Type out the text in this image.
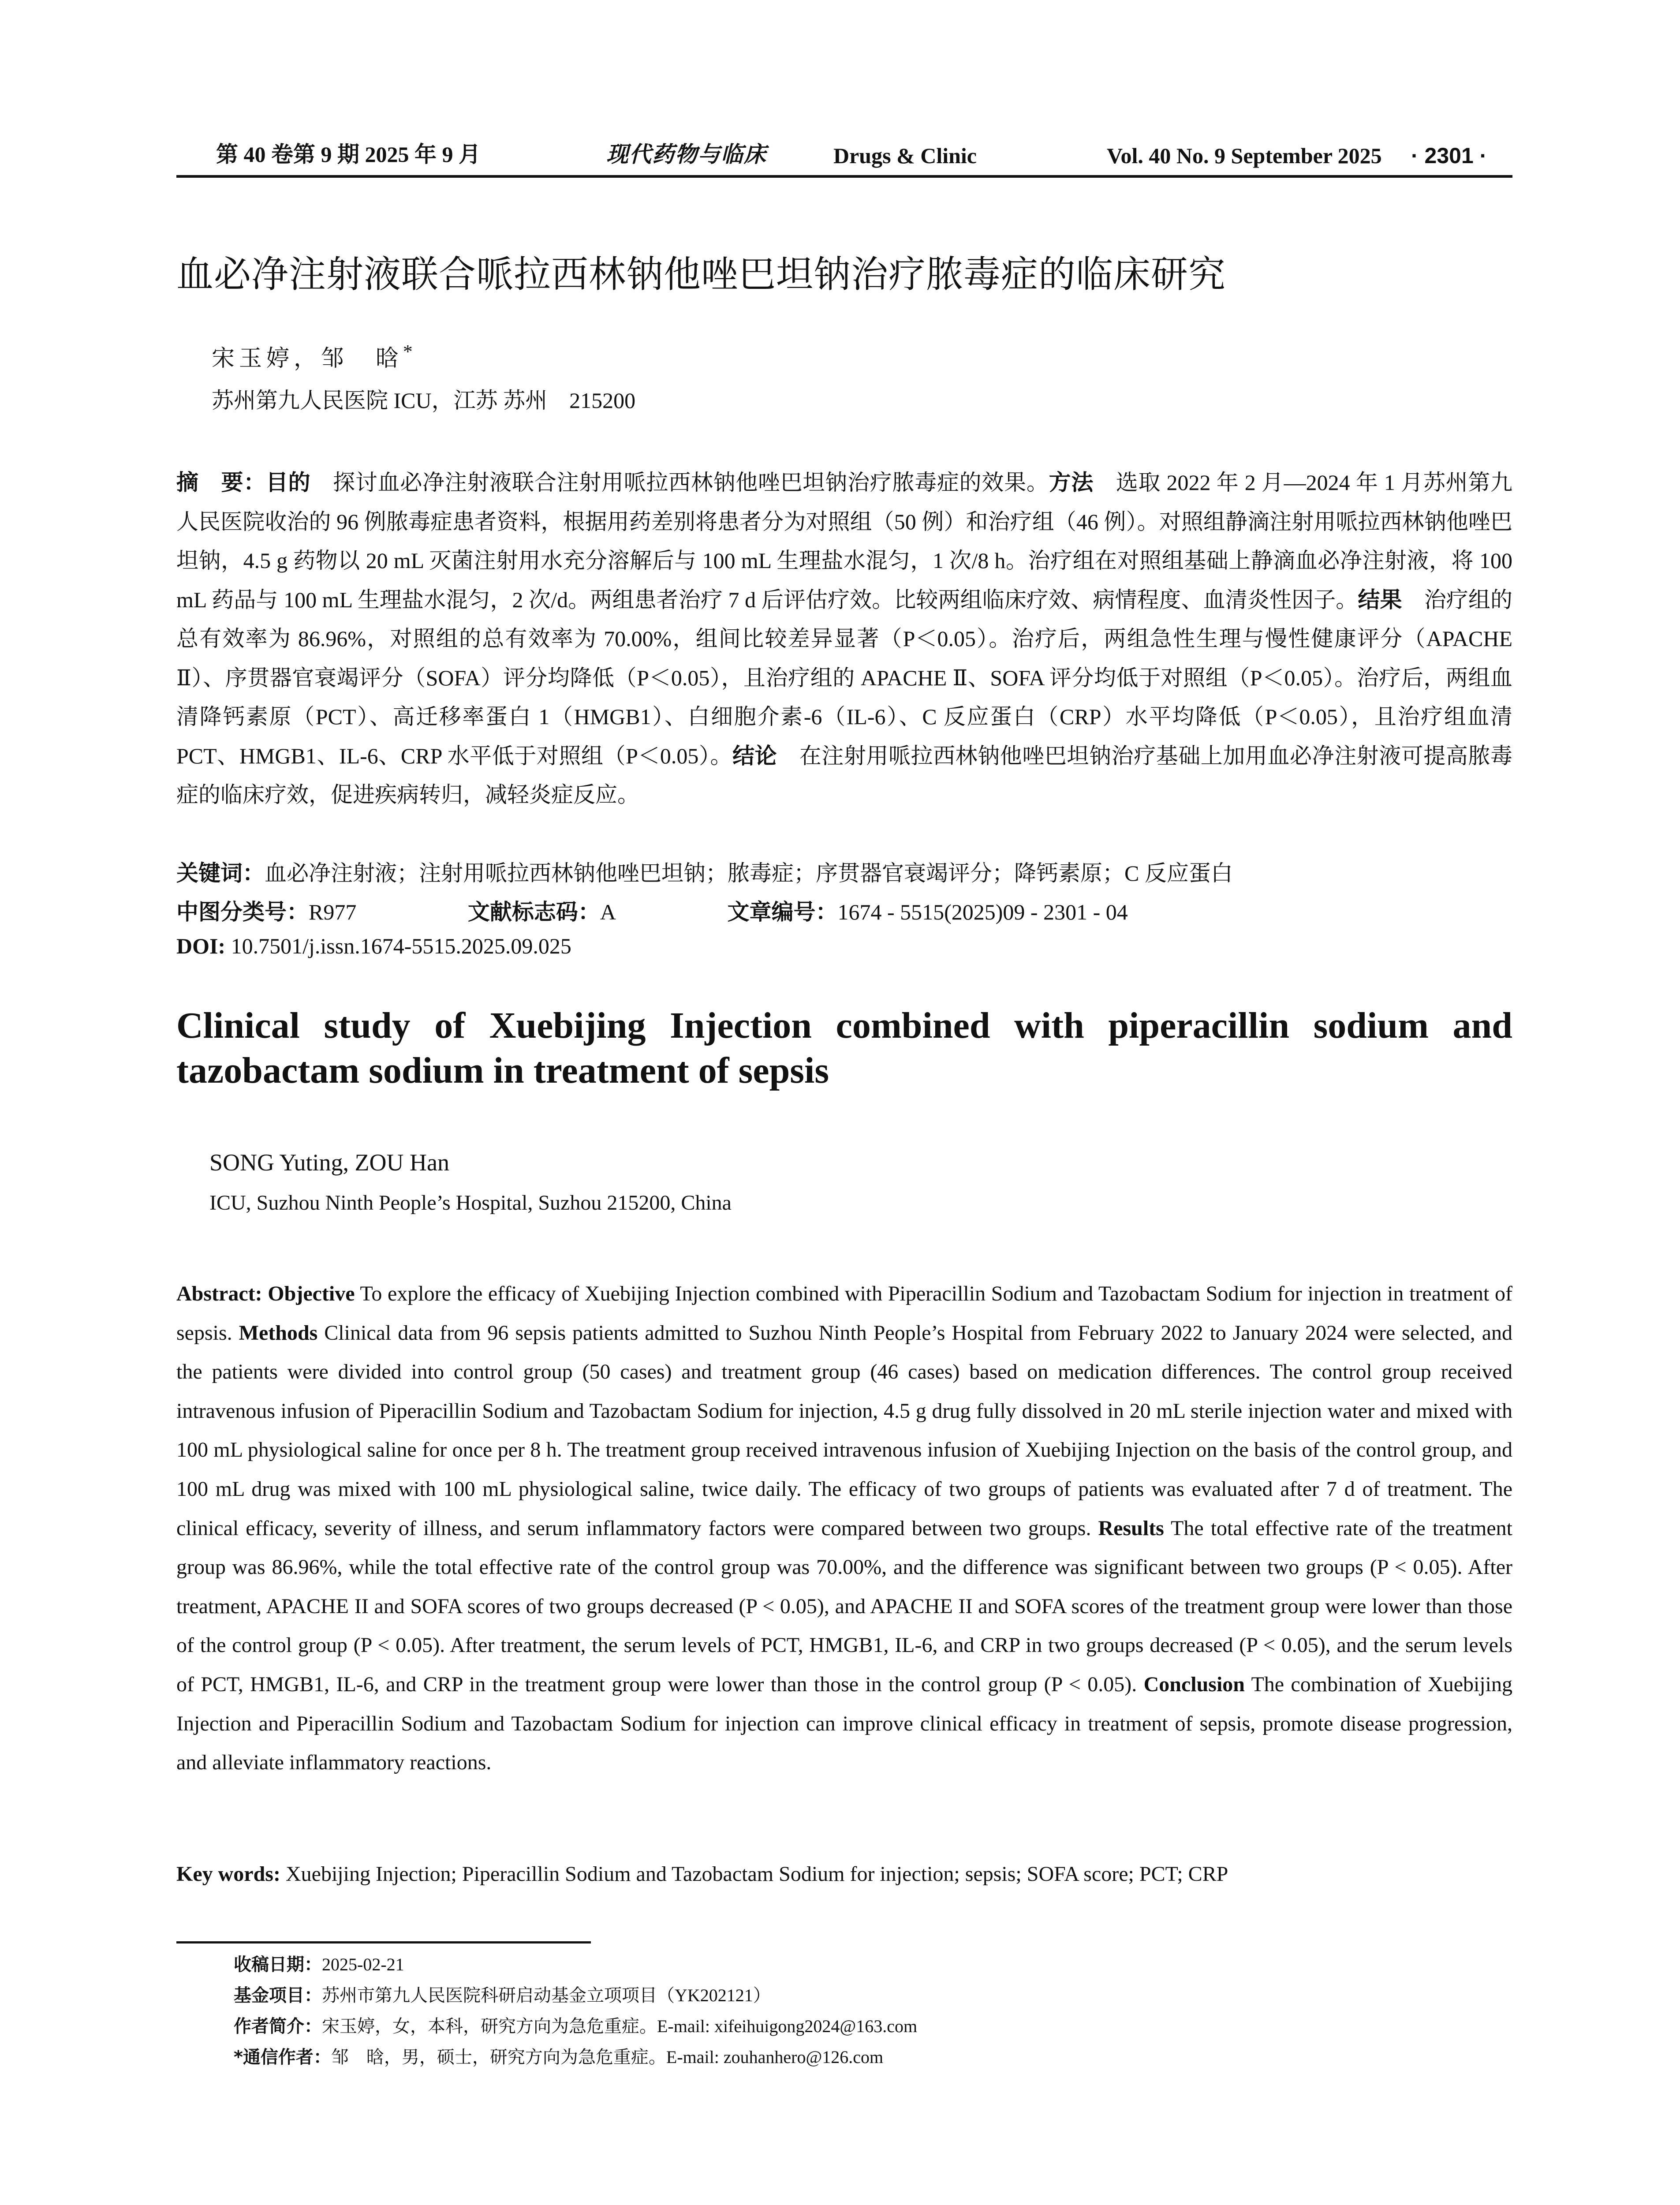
第 40 卷第 9 期 2025 年 9 月	现代药物与临床	Drugs & Clinic	Vol. 40 No. 9 September 2025 · 2301 ·
血必净注射液联合哌拉西林钠他唑巴坦钠治疗脓毒症的临床研究
宋玉婷，邹　晗*
苏州第九人民医院 ICU，江苏 苏州　215200
摘　要：目的　探讨血必净注射液联合注射用哌拉西林钠他唑巴坦钠治疗脓毒症的效果。方法　选取 2022 年 2 月—2024 年 1 月苏州第九人民医院收治的 96 例脓毒症患者资料，根据用药差别将患者分为对照组（50 例）和治疗组（46 例）。对照组静滴注射用哌拉西林钠他唑巴坦钠，4.5 g 药物以 20 mL 灭菌注射用水充分溶解后与 100 mL 生理盐水混匀，1 次/8 h。治疗组在对照组基础上静滴血必净注射液，将 100 mL 药品与 100 mL 生理盐水混匀，2 次/d。两组患者治疗 7 d 后评估疗效。比较两组临床疗效、病情程度、血清炎性因子。结果　治疗组的总有效率为 86.96%，对照组的总有效率为 70.00%，组间比较差异显著（P＜0.05）。治疗后，两组急性生理与慢性健康评分（APACHE Ⅱ）、序贯器官衰竭评分（SOFA）评分均降低（P＜0.05），且治疗组的 APACHE Ⅱ、SOFA 评分均低于对照组（P＜0.05）。治疗后，两组血清降钙素原（PCT）、高迁移率蛋白 1（HMGB1）、白细胞介素-6（IL-6）、C 反应蛋白（CRP）水平均降低（P＜0.05），且治疗组血清 PCT、HMGB1、IL-6、CRP 水平低于对照组（P＜0.05）。结论　在注射用哌拉西林钠他唑巴坦钠治疗基础上加用血必净注射液可提高脓毒症的临床疗效，促进疾病转归，减轻炎症反应。
关键词：血必净注射液；注射用哌拉西林钠他唑巴坦钠；脓毒症；序贯器官衰竭评分；降钙素原；C 反应蛋白
中图分类号：R977	文献标志码：A	文章编号：1674 - 5515(2025)09 - 2301 - 04
DOI: 10.7501/j.issn.1674-5515.2025.09.025
Clinical study of Xuebijing Injection combined with piperacillin sodium and tazobactam sodium in treatment of sepsis
SONG Yuting, ZOU Han
ICU, Suzhou Ninth People’s Hospital, Suzhou 215200, China
Abstract: Objective To explore the efficacy of Xuebijing Injection combined with Piperacillin Sodium and Tazobactam Sodium for injection in treatment of sepsis. Methods Clinical data from 96 sepsis patients admitted to Suzhou Ninth People’s Hospital from February 2022 to January 2024 were selected, and the patients were divided into control group (50 cases) and treatment group (46 cases) based on medication differences. The control group received intravenous infusion of Piperacillin Sodium and Tazobactam Sodium for injection, 4.5 g drug fully dissolved in 20 mL sterile injection water and mixed with 100 mL physiological saline for once per 8 h. The treatment group received intravenous infusion of Xuebijing Injection on the basis of the control group, and 100 mL drug was mixed with 100 mL physiological saline, twice daily. The efficacy of two groups of patients was evaluated after 7 d of treatment. The clinical efficacy, severity of illness, and serum inflammatory factors were compared between two groups. Results The total effective rate of the treatment group was 86.96%, while the total effective rate of the control group was 70.00%, and the difference was significant between two groups (P < 0.05). After treatment, APACHE II and SOFA scores of two groups decreased (P < 0.05), and APACHE II and SOFA scores of the treatment group were lower than those of the control group (P < 0.05). After treatment, the serum levels of PCT, HMGB1, IL-6, and CRP in two groups decreased (P < 0.05), and the serum levels of PCT, HMGB1, IL-6, and CRP in the treatment group were lower than those in the control group (P < 0.05). Conclusion The combination of Xuebijing Injection and Piperacillin Sodium and Tazobactam Sodium for injection can improve clinical efficacy in treatment of sepsis, promote disease progression, and alleviate inflammatory reactions.
Key words: Xuebijing Injection; Piperacillin Sodium and Tazobactam Sodium for injection; sepsis; SOFA score; PCT; CRP
收稿日期：2025-02-21
基金项目：苏州市第九人民医院科研启动基金立项项目（YK202121）
作者简介：宋玉婷，女，本科，研究方向为急危重症。E-mail: xifeihuigong2024@163.com
*通信作者：邹　晗，男，硕士，研究方向为急危重症。E-mail: zouhanhero@126.com
